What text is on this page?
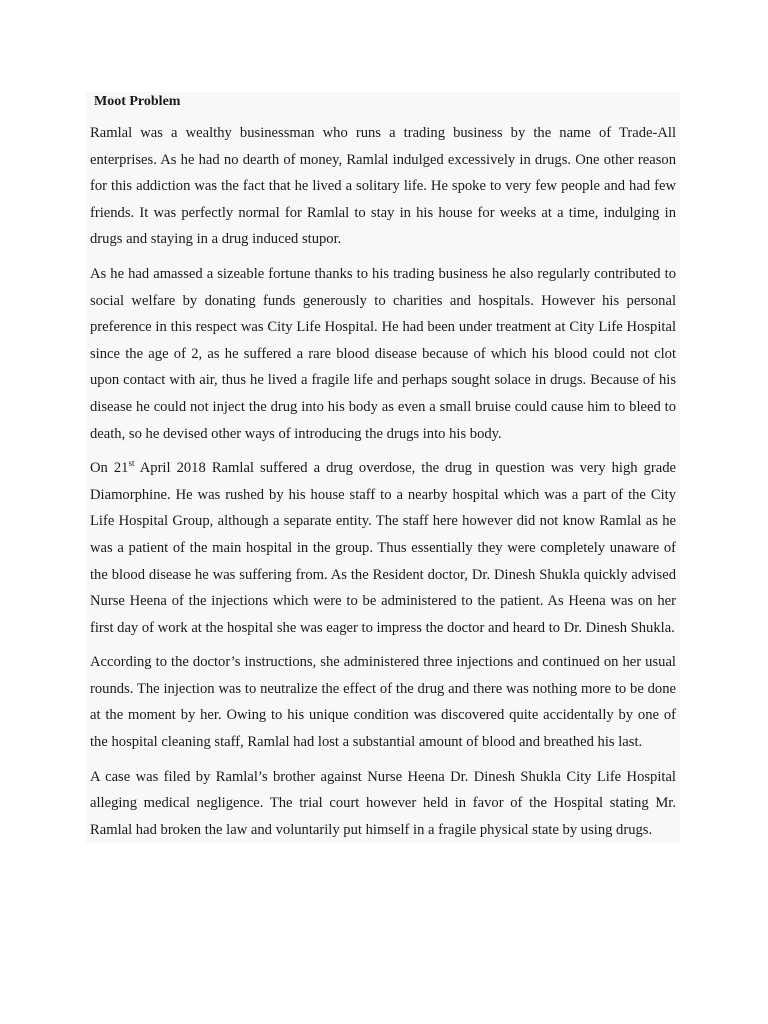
Moot Problem

Ramlal was a wealthy businessman who runs a trading business by the name of Trade-All enterprises. As he had no dearth of money, Ramlal indulged excessively in drugs. One other reason for this addiction was the fact that he lived a solitary life. He spoke to very few people and had few friends. It was perfectly normal for Ramlal to stay in his house for weeks at a time, indulging in drugs and staying in a drug induced stupor.

As he had amassed a sizeable fortune thanks to his trading business he also regularly contributed to social welfare by donating funds generously to charities and hospitals. However his personal preference in this respect was City Life Hospital. He had been under treatment at City Life Hospital since the age of 2, as he suffered a rare blood disease because of which his blood could not clot upon contact with air, thus he lived a fragile life and perhaps sought solace in drugs. Because of his disease he could not inject the drug into his body as even a small bruise could cause him to bleed to death, so he devised other ways of introducing the drugs into his body.

On 21st April 2018 Ramlal suffered a drug overdose, the drug in question was very high grade Diamorphine. He was rushed by his house staff to a nearby hospital which was a part of the City Life Hospital Group, although a separate entity. The staff here however did not know Ramlal as he was a patient of the main hospital in the group. Thus essentially they were completely unaware of the blood disease he was suffering from. As the Resident doctor, Dr. Dinesh Shukla quickly advised Nurse Heena of the injections which were to be administered to the patient. As Heena was on her first day of work at the hospital she was eager to impress the doctor and heard to Dr. Dinesh Shukla.

According to the doctor’s instructions, she administered three injections and continued on her usual rounds. The injection was to neutralize the effect of the drug and there was nothing more to be done at the moment by her. Owing to his unique condition was discovered quite accidentally by one of the hospital cleaning staff, Ramlal had lost a substantial amount of blood and breathed his last.

A case was filed by Ramlal’s brother against Nurse Heena Dr. Dinesh Shukla City Life Hospital alleging medical negligence. The trial court however held in favor of the Hospital stating Mr. Ramlal had broken the law and voluntarily put himself in a fragile physical state by using drugs.
